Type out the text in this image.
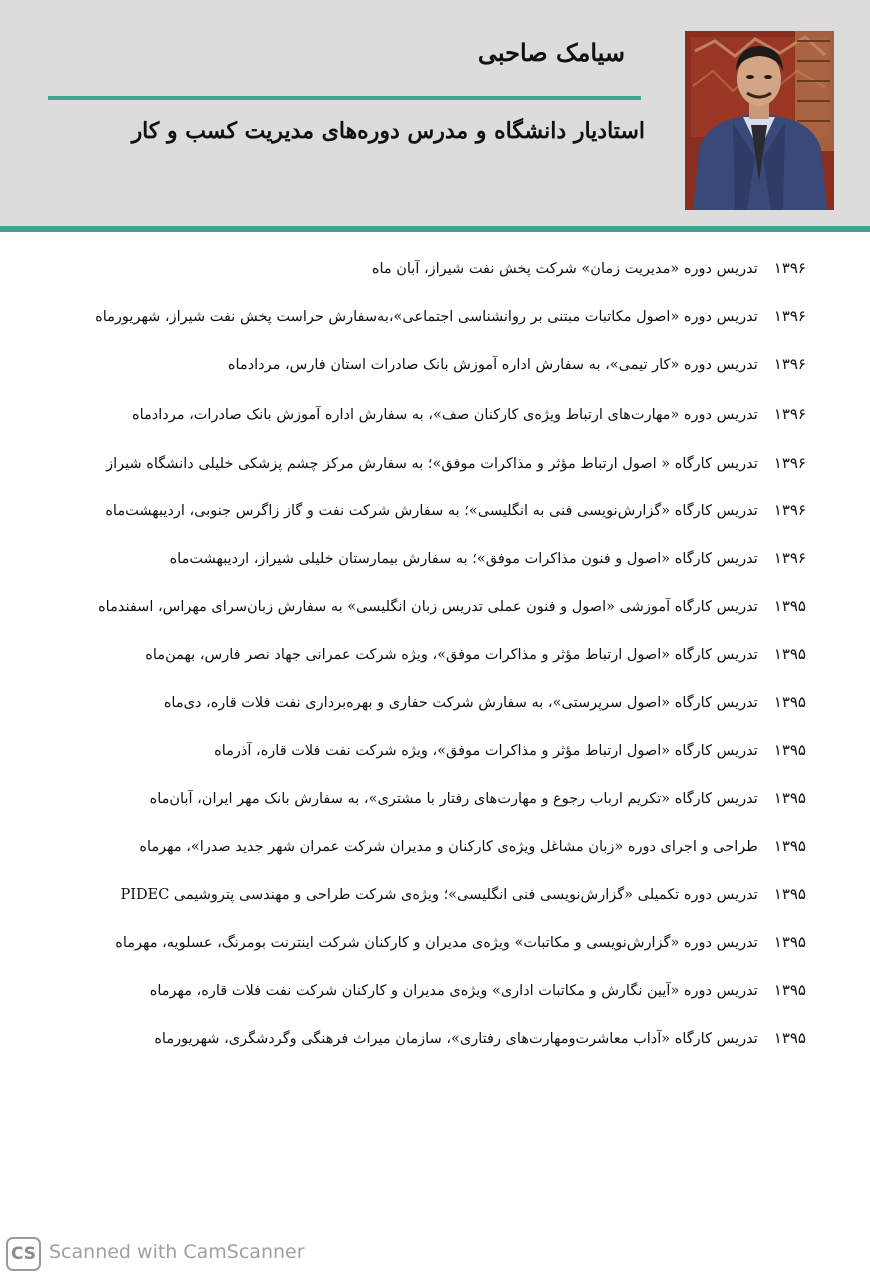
سیامک صاحبی
استادیار دانشگاه و مدرس دوره‌های مدیریت کسب و کار
۱۳۹۶تدریس دوره «مدیریت زمان» شرکت پخش نفت شیراز، آبان ماه
۱۳۹۶تدریس دوره «اصول مکاتبات مبتنی بر روانشناسی اجتماعی»،به‌سفارش حراست پخش نفت شیراز، شهریورماه
۱۳۹۶تدریس دوره «کار تیمی»، به سفارش اداره آموزش بانک صادرات استان فارس، مردادماه
۱۳۹۶تدریس دوره «مهارت‌های ارتباط ویژه‌ی کارکنان صف»، به سفارش اداره آموزش بانک صادرات، مردادماه
۱۳۹۶تدریس کارگاه « اصول ارتباط مؤثر و مذاکرات موفق»؛ به سفارش مرکز چشم پزشکی خلیلی دانشگاه شیراز
۱۳۹۶تدریس کارگاه «گزارش‌نویسی فنی به انگلیسی»؛ به سفارش شرکت نفت و گاز زاگرس جنوبی، اردیبهشت‌ماه
۱۳۹۶تدریس کارگاه «اصول و فنون مذاکرات موفق»؛ به سفارش بیمارستان خلیلی شیراز، اردیبهشت‌ماه
۱۳۹۵تدریس کارگاه آموزشی «اصول و فنون عملی تدریس زبان انگلیسی» به سفارش زبان‌سرای مهراس، اسفندماه
۱۳۹۵تدریس کارگاه «اصول ارتباط مؤثر و مذاکرات موفق»، ویژه شرکت عمرانی جهاد نصر فارس، بهمن‌ماه
۱۳۹۵تدریس کارگاه «اصول سرپرستی»، به سفارش شرکت حفاری و بهره‌برداری نفت فلات قاره، دی‌ماه
۱۳۹۵تدریس کارگاه «اصول ارتباط مؤثر و مذاکرات موفق»، ویژه شرکت نفت فلات قاره، آذرماه
۱۳۹۵تدریس کارگاه «تکریم ارباب رجوع و مهارت‌های رفتار با مشتری»، به سفارش بانک مهر ایران، آبان‌ماه
۱۳۹۵طراحی و اجرای دوره «زبان مشاغل ویژه‌ی کارکنان و مدیران شرکت عمران شهر جدید صدرا»، مهرماه
۱۳۹۵تدریس دوره تکمیلی «گزارش‌نویسی فنی انگلیسی»؛ ویژه‌ی شرکت طراحی و مهندسی پتروشیمی PIDEC
۱۳۹۵تدریس دوره «گزارش‌نویسی و مکاتبات» ویژه‌ی مدیران و کارکنان شرکت اینترنت بومرنگ، عسلویه، مهرماه
۱۳۹۵تدریس دوره «آیین نگارش و مکاتبات اداری» ویژه‌ی مدیران و کارکنان شرکت نفت فلات قاره، مهرماه
۱۳۹۵تدریس کارگاه «آداب معاشرت‌ومهارت‌های رفتاری»، سازمان میراث فرهنگی وگردشگری، شهریورماه
CS Scanned with CamScanner
